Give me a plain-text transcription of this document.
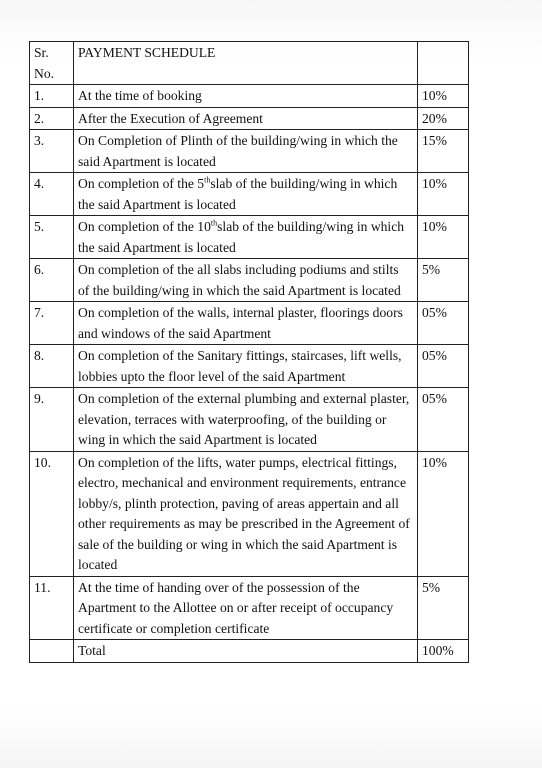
Sr. No.	PAYMENT SCHEDULE	
1.	At the time of booking	10%
2.	After the Execution of Agreement	20%
3.	On Completion of Plinth of the building/wing in which the said Apartment is located	15%
4.	On completion of the 5thslab of the building/wing in which the said Apartment is located	10%
5.	On completion of the 10thslab of the building/wing in which the said Apartment is located	10%
6.	On completion of the all slabs including podiums and stilts of the building/wing in which the said Apartment is located	5%
7.	On completion of the walls, internal plaster, floorings doors and windows of the said Apartment	05%
8.	On completion of the Sanitary fittings, staircases, lift wells, lobbies upto the floor level of the said Apartment	05%
9.	On completion of the external plumbing and external plaster, elevation, terraces with waterproofing, of the building or wing in which the said Apartment is located	05%
10.	On completion of the lifts, water pumps, electrical fittings, electro, mechanical and environment requirements, entrance lobby/s, plinth protection, paving of areas appertain and all other requirements as may be prescribed in the Agreement of sale of the building or wing in which the said Apartment is located	10%
11.	At the time of handing over of the possession of the Apartment to the Allottee on or after receipt of occupancy certificate or completion certificate	5%
	Total	100%
